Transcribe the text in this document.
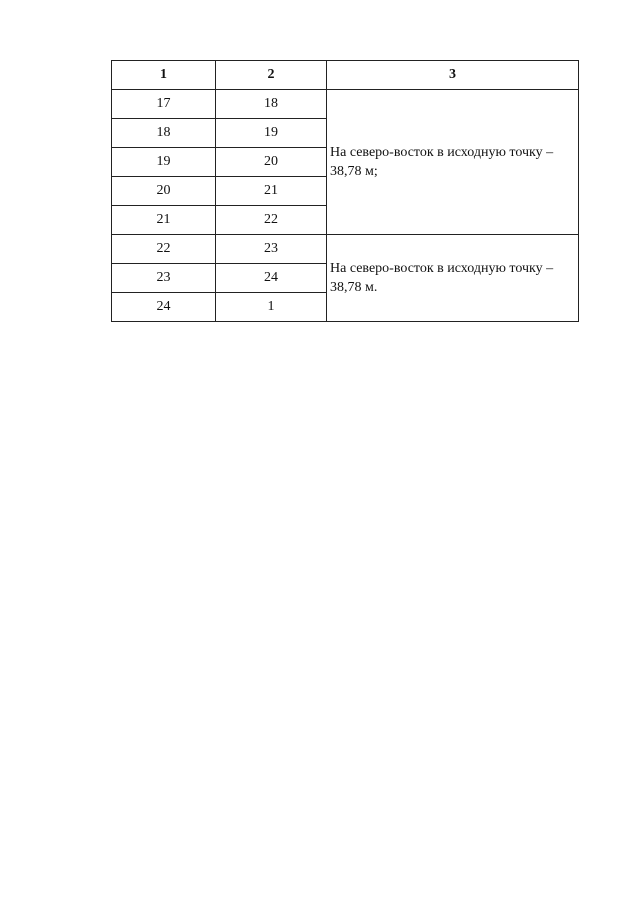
1	2	3
17	18	На северо-восток в исходную точку – 38,78 м;
18	19	
19	20	
20	21	
21	22	
22	23	На северо-восток в исходную точку – 38,78 м.
23	24	
24	1	
